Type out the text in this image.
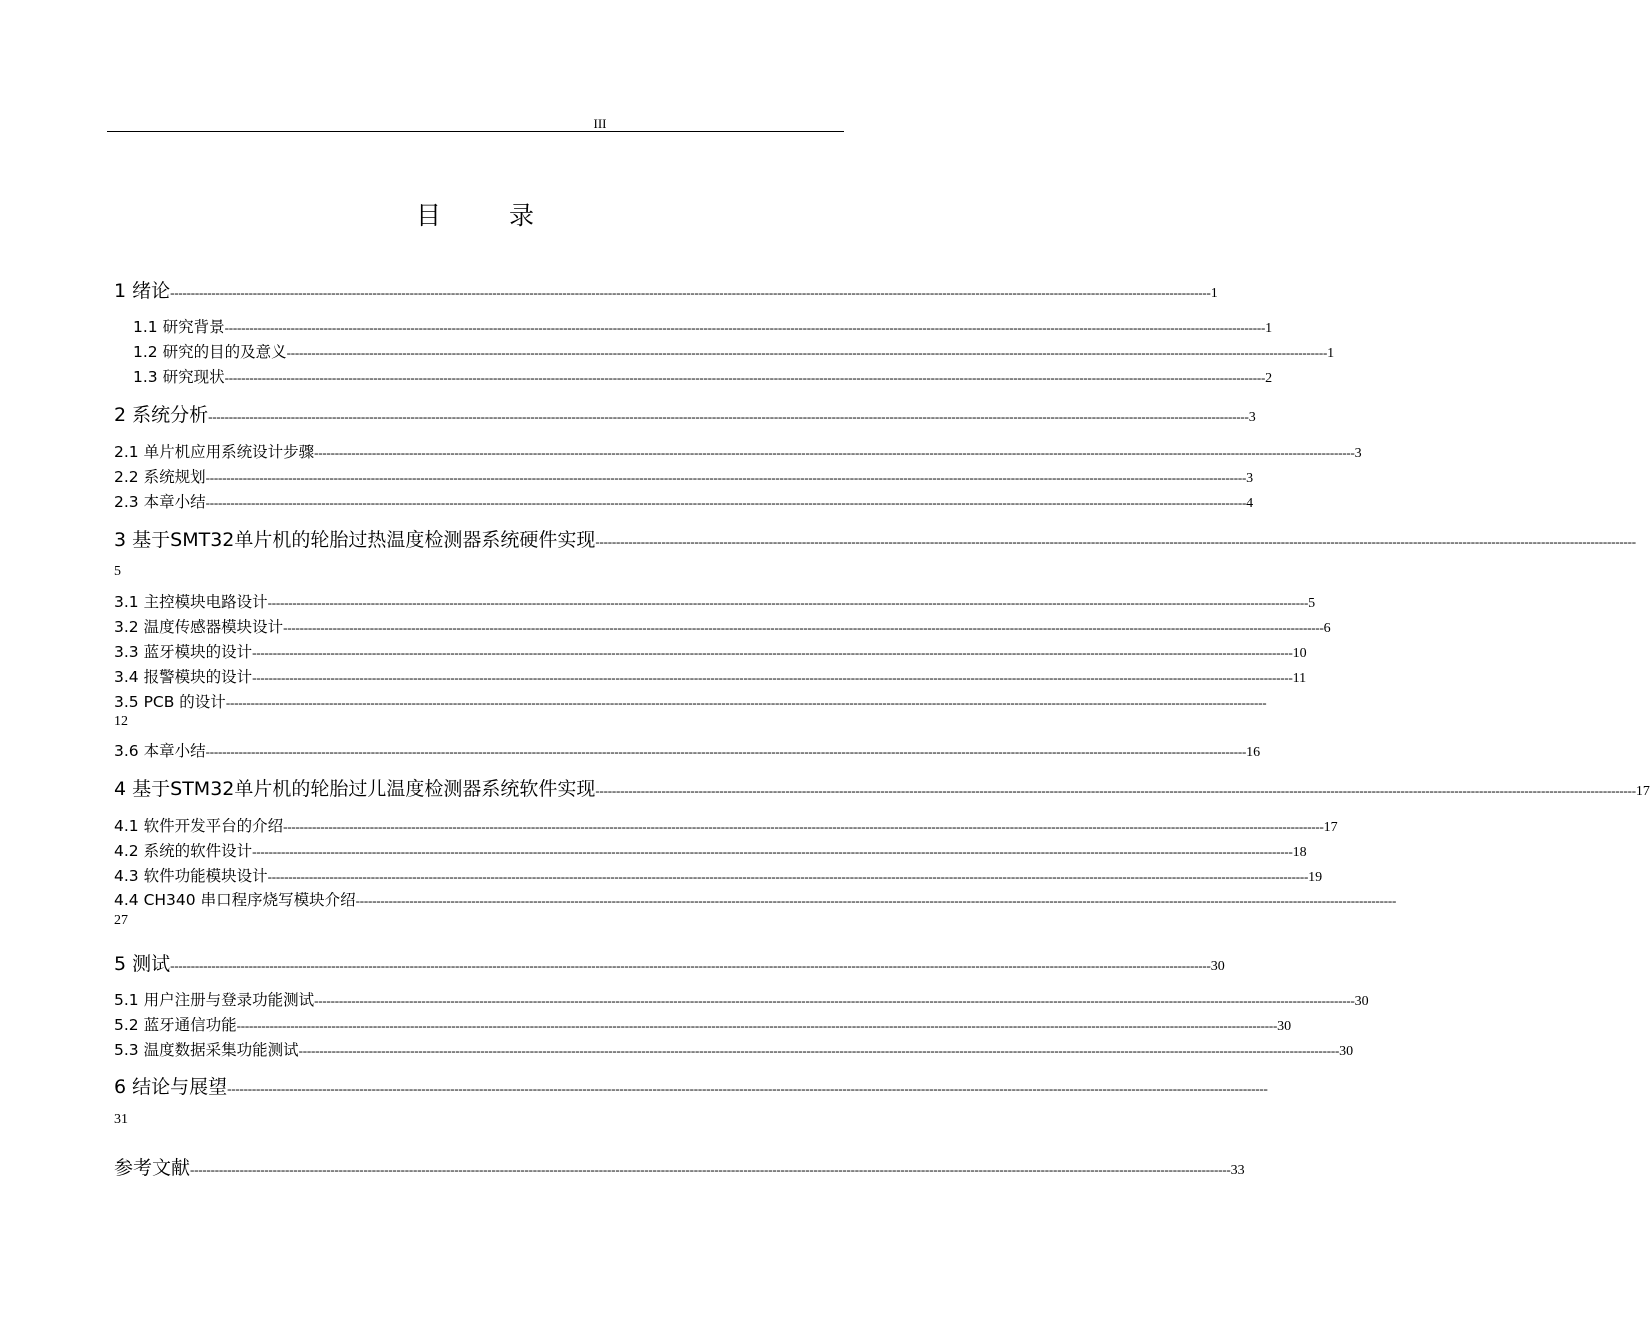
III
目 录
1 绪论 ------------------------------------------------------------------------------------------------------------------------------------------------------------------------------------------------------------------------------------------------------------ 1
1.1 研究背景 ------------------------------------------------------------------------------------------------------------------------------------------------------------------------------------------------------------------------------------------------------------ 1
1.2 研究的目的及意义 ------------------------------------------------------------------------------------------------------------------------------------------------------------------------------------------------------------------------------------------------------------ 1
1.3 研究现状 ------------------------------------------------------------------------------------------------------------------------------------------------------------------------------------------------------------------------------------------------------------ 2
2 系统分析 ------------------------------------------------------------------------------------------------------------------------------------------------------------------------------------------------------------------------------------------------------------ 3
2.1 单片机应用系统设计步骤 ------------------------------------------------------------------------------------------------------------------------------------------------------------------------------------------------------------------------------------------------------------ 3
2.2 系统规划 ------------------------------------------------------------------------------------------------------------------------------------------------------------------------------------------------------------------------------------------------------------ 3
2.3 本章小结 ------------------------------------------------------------------------------------------------------------------------------------------------------------------------------------------------------------------------------------------------------------ 4
3 基于SMT32单片机的轮胎过热温度检测器系统硬件实现 ------------------------------------------------------------------------------------------------------------------------------------------------------------------------------------------------------------------------------------------------------------
5
3.1 主控模块电路设计 ------------------------------------------------------------------------------------------------------------------------------------------------------------------------------------------------------------------------------------------------------------ 5
3.2 温度传感器模块设计 ------------------------------------------------------------------------------------------------------------------------------------------------------------------------------------------------------------------------------------------------------------ 6
3.3 蓝牙模块的设计 ------------------------------------------------------------------------------------------------------------------------------------------------------------------------------------------------------------------------------------------------------------ 10
3.4 报警模块的设计 ------------------------------------------------------------------------------------------------------------------------------------------------------------------------------------------------------------------------------------------------------------ 11
3.5 PCB 的设计 ------------------------------------------------------------------------------------------------------------------------------------------------------------------------------------------------------------------------------------------------------------
12
3.6 本章小结 ------------------------------------------------------------------------------------------------------------------------------------------------------------------------------------------------------------------------------------------------------------ 16
4 基于STM32单片机的轮胎过儿温度检测器系统软件实现 ------------------------------------------------------------------------------------------------------------------------------------------------------------------------------------------------------------------------------------------------------------ 17
4.1 软件开发平台的介绍 ------------------------------------------------------------------------------------------------------------------------------------------------------------------------------------------------------------------------------------------------------------ 17
4.2 系统的软件设计 ------------------------------------------------------------------------------------------------------------------------------------------------------------------------------------------------------------------------------------------------------------ 18
4.3 软件功能模块设计 ------------------------------------------------------------------------------------------------------------------------------------------------------------------------------------------------------------------------------------------------------------ 19
4.4 CH340 串口程序烧写模块介绍 ------------------------------------------------------------------------------------------------------------------------------------------------------------------------------------------------------------------------------------------------------------
27
5 测试 ------------------------------------------------------------------------------------------------------------------------------------------------------------------------------------------------------------------------------------------------------------ 30
5.1 用户注册与登录功能测试 ------------------------------------------------------------------------------------------------------------------------------------------------------------------------------------------------------------------------------------------------------------ 30
5.2 蓝牙通信功能 ------------------------------------------------------------------------------------------------------------------------------------------------------------------------------------------------------------------------------------------------------------ 30
5.3 温度数据采集功能测试 ------------------------------------------------------------------------------------------------------------------------------------------------------------------------------------------------------------------------------------------------------------ 30
6 结论与展望 ------------------------------------------------------------------------------------------------------------------------------------------------------------------------------------------------------------------------------------------------------------
31
参考文献 ------------------------------------------------------------------------------------------------------------------------------------------------------------------------------------------------------------------------------------------------------------ 33
